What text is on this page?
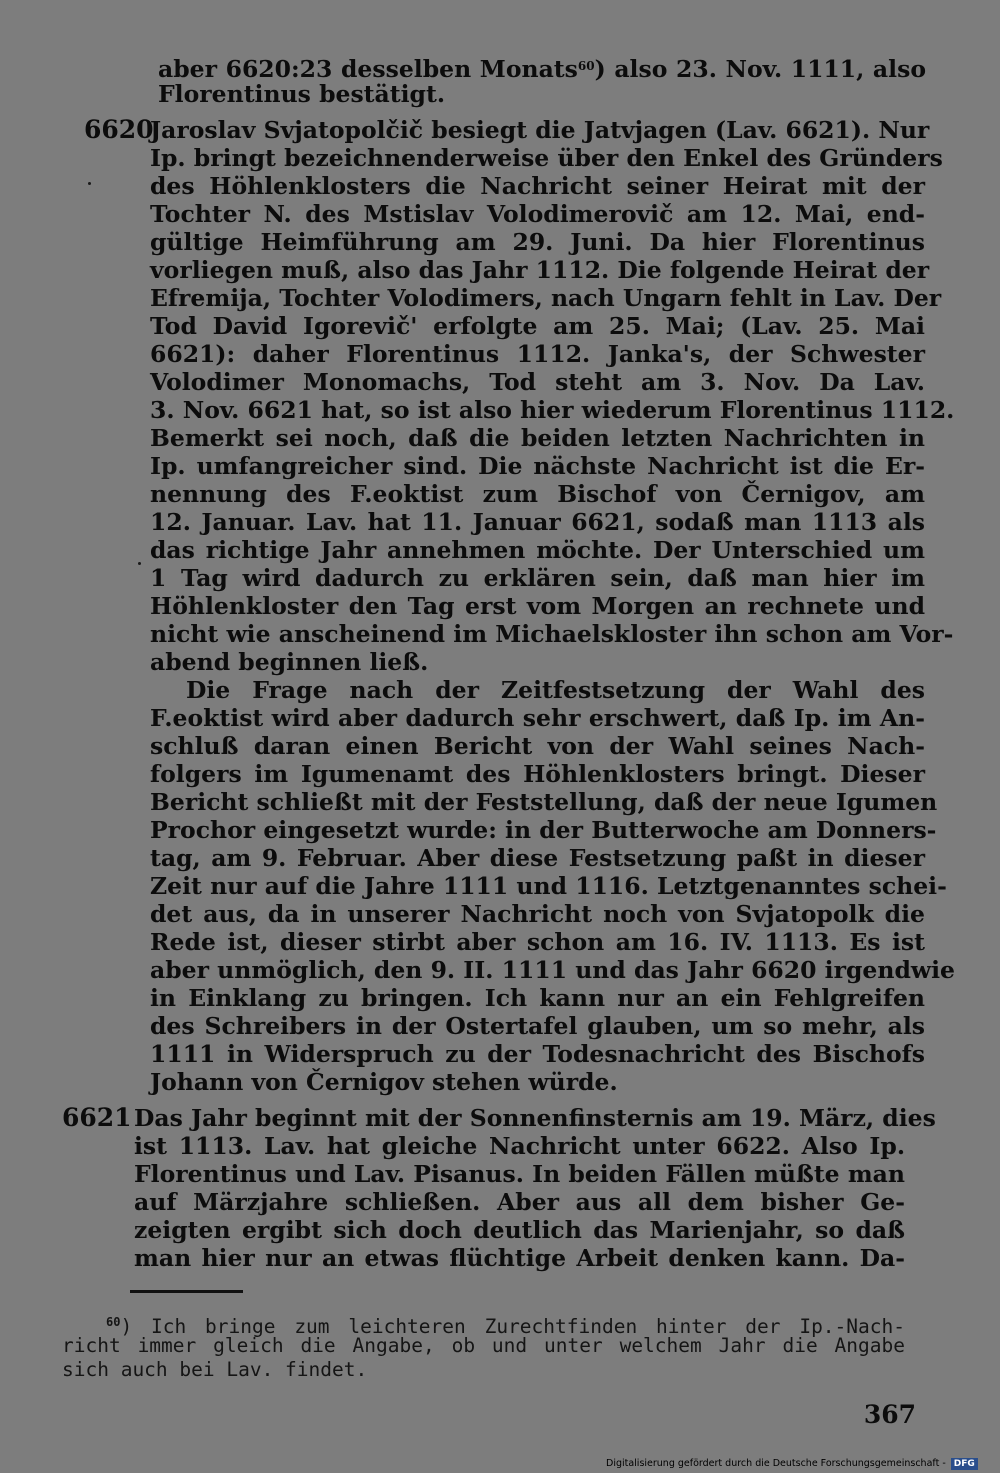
aber 6620:23 desselben Monats$^{60}$) also 23. Nov. 1111, also
Florentinus bestätigt.
6620
Jaroslav Svjatopolčič besiegt die Jatvjagen (Lav. 6621). Nur
Ip. bringt bezeichnenderweise über den Enkel des Gründers
des Höhlenklosters die Nachricht seiner Heirat mit der
Tochter N. des Mstislav Volodimerovič am 12. Mai, end-
gültige Heimführung am 29. Juni. Da hier Florentinus
vorliegen muß, also das Jahr 1112. Die folgende Heirat der
Efremija, Tochter Volodimers, nach Ungarn fehlt in Lav. Der
Tod David Igorevič' erfolgte am 25. Mai; (Lav. 25. Mai
6621): daher Florentinus 1112. Janka's, der Schwester
Volodimer Monomachs, Tod steht am 3. Nov. Da Lav.
3. Nov. 6621 hat, so ist also hier wiederum Florentinus 1112.
Bemerkt sei noch, daß die beiden letzten Nachrichten in
Ip. umfangreicher sind. Die nächste Nachricht ist die Er-
nennung des F.eoktist zum Bischof von Černigov, am
12. Januar. Lav. hat 11. Januar 6621, sodaß man 1113 als
das richtige Jahr annehmen möchte. Der Unterschied um
1 Tag wird dadurch zu erklären sein, daß man hier im
Höhlenkloster den Tag erst vom Morgen an rechnete und
nicht wie anscheinend im Michaelskloster ihn schon am Vor-
abend beginnen ließ.
Die Frage nach der Zeitfestsetzung der Wahl des
F.eoktist wird aber dadurch sehr erschwert, daß Ip. im An-
schluß daran einen Bericht von der Wahl seines Nach-
folgers im Igumenamt des Höhlenklosters bringt. Dieser
Bericht schließt mit der Feststellung, daß der neue Igumen
Prochor eingesetzt wurde: in der Butterwoche am Donners-
tag, am 9. Februar. Aber diese Festsetzung paßt in dieser
Zeit nur auf die Jahre 1111 und 1116. Letztgenanntes schei-
det aus, da in unserer Nachricht noch von Svjatopolk die
Rede ist, dieser stirbt aber schon am 16. IV. 1113. Es ist
aber unmöglich, den 9. II. 1111 und das Jahr 6620 irgendwie
in Einklang zu bringen. Ich kann nur an ein Fehlgreifen
des Schreibers in der Ostertafel glauben, um so mehr, als
1111 in Widerspruch zu der Todesnachricht des Bischofs
Johann von Černigov stehen würde.
6621 Das Jahr beginnt mit der Sonnenfinsternis am 19. März, dies
ist 1113. Lav. hat gleiche Nachricht unter 6622. Also Ip.
Florentinus und Lav. Pisanus. In beiden Fällen müßte man
auf Märzjahre schließen. Aber aus all dem bisher Ge-
zeigten ergibt sich doch deutlich das Marienjahr, so daß
man hier nur an etwas flüchtige Arbeit denken kann. Da-
$^{60}$) Ich bringe zum leichteren Zurechtfinden hinter der Ip.-Nach-
richt immer gleich die Angabe, ob und unter welchem Jahr die Angabe
sich auch bei Lav. findet.
367
Digitalisierung gefördert durch die Deutsche Forschungsgemeinschaft - DFG
